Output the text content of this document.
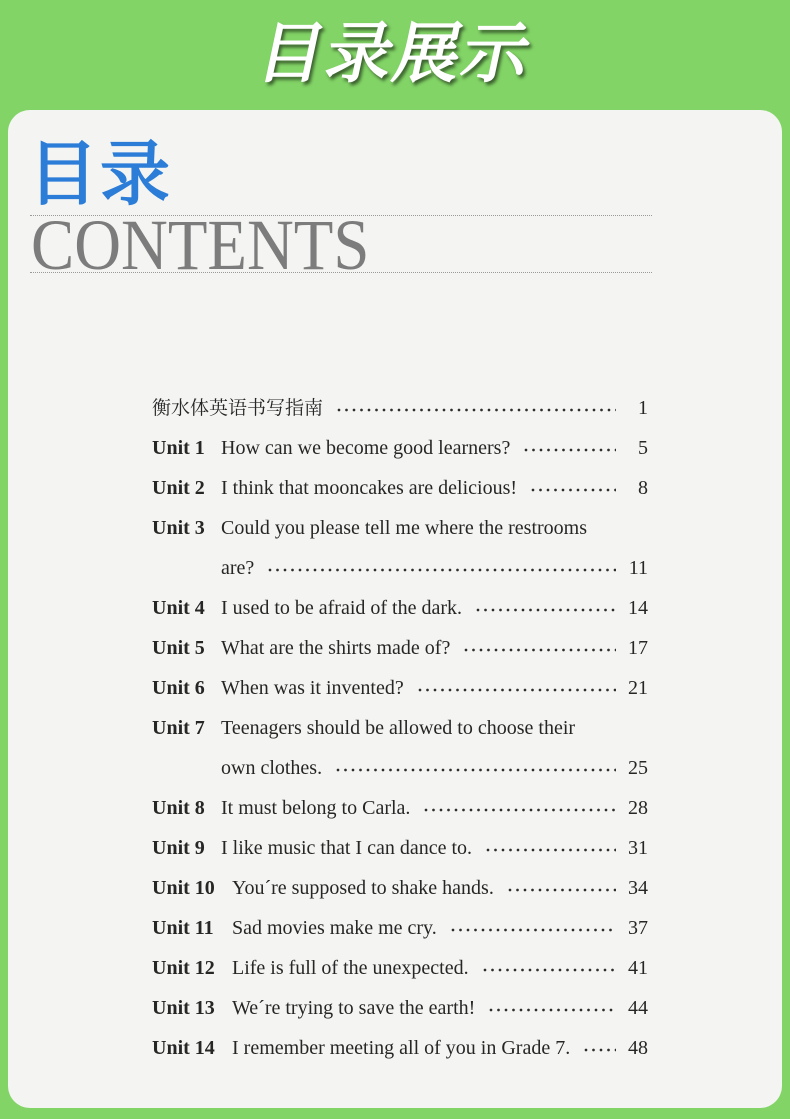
目录展示
目录
CONTENTS
衡水体英语书写指南	1
Unit 1 How can we become good learners?	5
Unit 2 I think that mooncakes are delicious!	8
Unit 3 Could you please tell me where the restrooms
are?	11
Unit 4 I used to be afraid of the dark.	14
Unit 5 What are the shirts made of?	17
Unit 6 When was it invented?	21
Unit 7 Teenagers should be allowed to choose their
own clothes.	25
Unit 8 It must belong to Carla.	28
Unit 9 I like music that I can dance to.	31
Unit 10 You´re supposed to shake hands.	34
Unit 11 Sad movies make me cry.	37
Unit 12 Life is full of the unexpected.	41
Unit 13 We´re trying to save the earth!	44
Unit 14 I remember meeting all of you in Grade 7.	48
